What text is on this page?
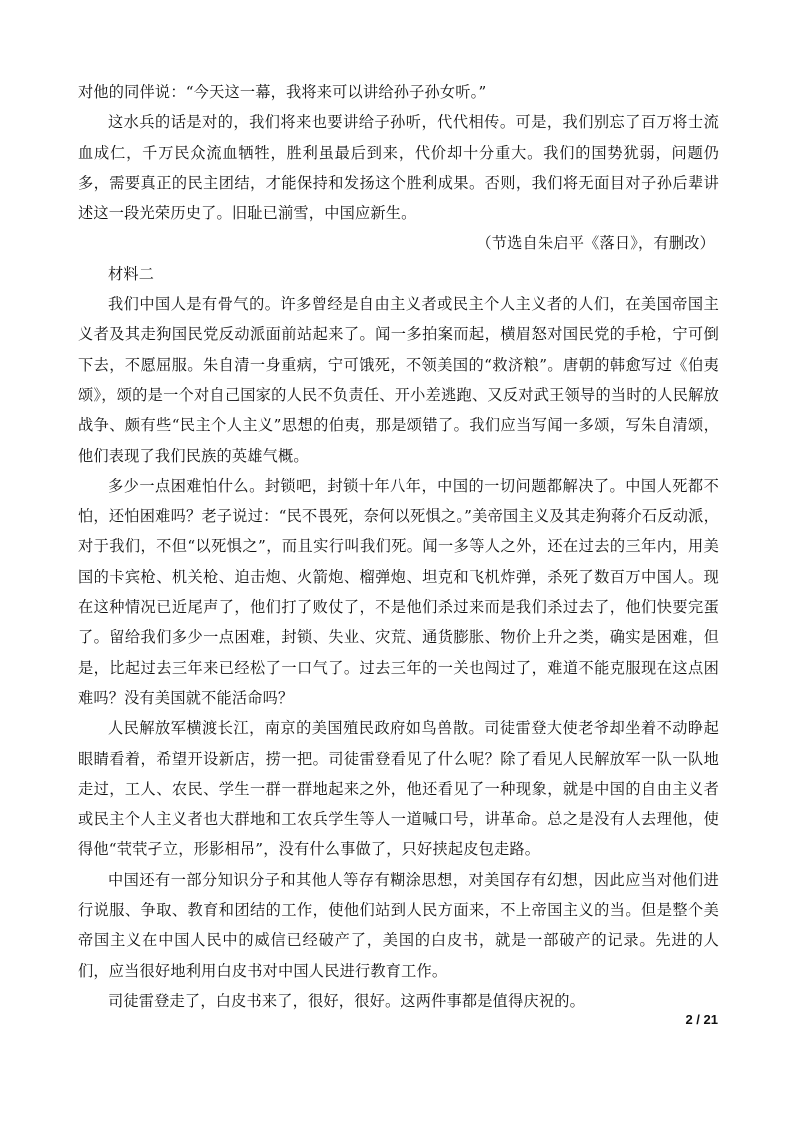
对他的同伴说：“今天这一幕，我将来可以讲给孙子孙女听。”

这水兵的话是对的，我们将来也要讲给子孙听，代代相传。可是，我们别忘了百万将士流血成仁，千万民众流血牺牲，胜利虽最后到来，代价却十分重大。我们的国势犹弱，问题仍多，需要真正的民主团结，才能保持和发扬这个胜利成果。否则，我们将无面目对子孙后辈讲述这一段光荣历史了。旧耻已湔雪，中国应新生。

（节选自朱启平《落日》，有删改）

材料二

我们中国人是有骨气的。许多曾经是自由主义者或民主个人主义者的人们，在美国帝国主义者及其走狗国民党反动派面前站起来了。闻一多拍案而起，横眉怒对国民党的手枪，宁可倒下去，不愿屈服。朱自清一身重病，宁可饿死，不领美国的“救济粮”。唐朝的韩愈写过《伯夷颂》，颂的是一个对自己国家的人民不负责任、开小差逃跑、又反对武王领导的当时的人民解放战争、颇有些“民主个人主义”思想的伯夷，那是颂错了。我们应当写闻一多颂，写朱自清颂，他们表现了我们民族的英雄气概。

多少一点困难怕什么。封锁吧，封锁十年八年，中国的一切问题都解决了。中国人死都不怕，还怕困难吗？老子说过：“民不畏死，奈何以死惧之。”美帝国主义及其走狗蒋介石反动派，对于我们，不但“以死惧之”，而且实行叫我们死。闻一多等人之外，还在过去的三年内，用美国的卡宾枪、机关枪、迫击炮、火箭炮、榴弹炮、坦克和飞机炸弹，杀死了数百万中国人。现在这种情况已近尾声了，他们打了败仗了，不是他们杀过来而是我们杀过去了，他们快要完蛋了。留给我们多少一点困难，封锁、失业、灾荒、通货膨胀、物价上升之类，确实是困难，但是，比起过去三年来已经松了一口气了。过去三年的一关也闯过了，难道不能克服现在这点困难吗？没有美国就不能活命吗？

人民解放军横渡长江，南京的美国殖民政府如鸟兽散。司徒雷登大使老爷却坐着不动睁起眼睛看着，希望开设新店，捞一把。司徒雷登看见了什么呢？除了看见人民解放军一队一队地走过，工人、农民、学生一群一群地起来之外，他还看见了一种现象，就是中国的自由主义者或民主个人主义者也大群地和工农兵学生等人一道喊口号，讲革命。总之是没有人去理他，使得他“茕茕孑立，形影相吊”，没有什么事做了，只好挟起皮包走路。

中国还有一部分知识分子和其他人等存有糊涂思想，对美国存有幻想，因此应当对他们进行说服、争取、教育和团结的工作，使他们站到人民方面来，不上帝国主义的当。但是整个美帝国主义在中国人民中的威信已经破产了，美国的白皮书，就是一部破产的记录。先进的人们，应当很好地利用白皮书对中国人民进行教育工作。

司徒雷登走了，白皮书来了，很好，很好。这两件事都是值得庆祝的。

2 / 21
